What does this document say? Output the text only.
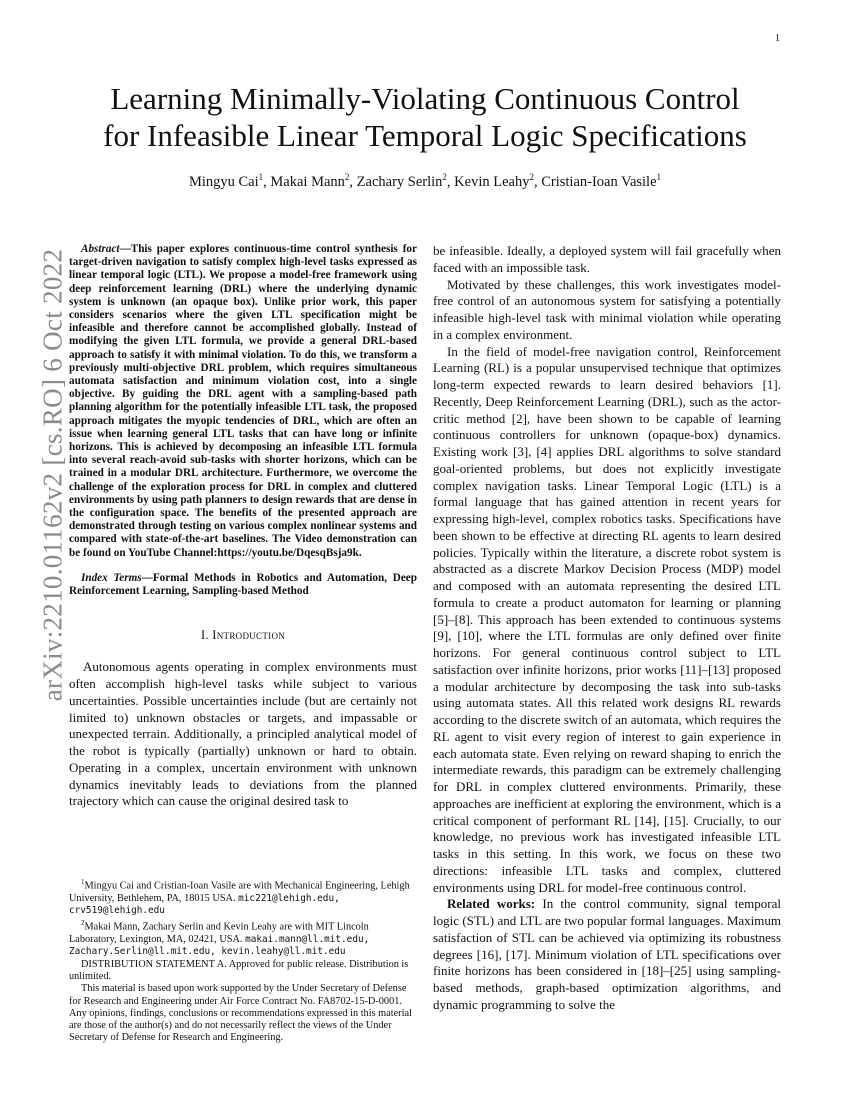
1
arXiv:2210.01162v2 [cs.RO] 6 Oct 2022
Learning Minimally-Violating Continuous Control
for Infeasible Linear Temporal Logic Specifications
Mingyu Cai$^1$, Makai Mann$^2$, Zachary Serlin$^2$, Kevin Leahy$^2$, Cristian-Ioan Vasile$^1$

Abstract—This paper explores continuous-time control synthesis for target-driven navigation to satisfy complex high-level tasks expressed as linear temporal logic (LTL). We propose a model-free framework using deep reinforcement learning (DRL) where the underlying dynamic system is unknown (an opaque box). Unlike prior work, this paper considers scenarios where the given LTL specification might be infeasible and therefore cannot be accomplished globally. Instead of modifying the given LTL formula, we provide a general DRL-based approach to satisfy it with minimal violation. To do this, we transform a previously multi-objective DRL problem, which requires simultaneous automata satisfaction and minimum violation cost, into a single objective. By guiding the DRL agent with a sampling-based path planning algorithm for the potentially infeasible LTL task, the proposed approach mitigates the myopic tendencies of DRL, which are often an issue when learning general LTL tasks that can have long or infinite horizons. This is achieved by decomposing an infeasible LTL formula into several reach-avoid sub-tasks with shorter horizons, which can be trained in a modular DRL architecture. Furthermore, we overcome the challenge of the exploration process for DRL in complex and cluttered environments by using path planners to design rewards that are dense in the configuration space. The benefits of the presented approach are demonstrated through testing on various complex nonlinear systems and compared with state-of-the-art baselines. The Video demonstration can be found on YouTube Channel:https://youtu.be/DqesqBsja9k.

Index Terms—Formal Methods in Robotics and Automation, Deep Reinforcement Learning, Sampling-based Method

I. Introduction

Autonomous agents operating in complex environments must often accomplish high-level tasks while subject to various uncertainties. Possible uncertainties include (but are certainly not limited to) unknown obstacles or targets, and impassable or unexpected terrain. Additionally, a principled analytical model of the robot is typically (partially) unknown or hard to obtain. Operating in a complex, uncertain environment with unknown dynamics inevitably leads to deviations from the planned trajectory which can cause the original desired task to

$^1$Mingyu Cai and Cristian-Ioan Vasile are with Mechanical Engineering, Lehigh University, Bethlehem, PA, 18015 USA. mic221@lehigh.edu, crv519@lehigh.edu

$^2$Makai Mann, Zachary Serlin and Kevin Leahy are with MIT Lincoln Laboratory, Lexington, MA, 02421, USA. makai.mann@ll.mit.edu, Zachary.Serlin@ll.mit.edu, kevin.leahy@ll.mit.edu

DISTRIBUTION STATEMENT A. Approved for public release. Distribution is unlimited.

This material is based upon work supported by the Under Secretary of Defense for Research and Engineering under Air Force Contract No. FA8702-15-D-0001. Any opinions, findings, conclusions or recommendations expressed in this material are those of the author(s) and do not necessarily reflect the views of the Under Secretary of Defense for Research and Engineering.

be infeasible. Ideally, a deployed system will fail gracefully when faced with an impossible task.

Motivated by these challenges, this work investigates model-free control of an autonomous system for satisfying a potentially infeasible high-level task with minimal violation while operating in a complex environment.

In the field of model-free navigation control, Reinforcement Learning (RL) is a popular unsupervised technique that optimizes long-term expected rewards to learn desired behaviors [1]. Recently, Deep Reinforcement Learning (DRL), such as the actor-critic method [2], have been shown to be capable of learning continuous controllers for unknown (opaque-box) dynamics. Existing work [3], [4] applies DRL algorithms to solve standard goal-oriented problems, but does not explicitly investigate complex navigation tasks. Linear Temporal Logic (LTL) is a formal language that has gained attention in recent years for expressing high-level, complex robotics tasks. Specifications have been shown to be effective at directing RL agents to learn desired policies. Typically within the literature, a discrete robot system is abstracted as a discrete Markov Decision Process (MDP) model and composed with an automata representing the desired LTL formula to create a product automaton for learning or planning [5]–[8]. This approach has been extended to continuous systems [9], [10], where the LTL formulas are only defined over finite horizons. For general continuous control subject to LTL satisfaction over infinite horizons, prior works [11]–[13] proposed a modular architecture by decomposing the task into sub-tasks using automata states. All this related work designs RL rewards according to the discrete switch of an automata, which requires the RL agent to visit every region of interest to gain experience in each automata state. Even relying on reward shaping to enrich the intermediate rewards, this paradigm can be extremely challenging for DRL in complex cluttered environments. Primarily, these approaches are inefficient at exploring the environment, which is a critical component of performant RL [14], [15]. Crucially, to our knowledge, no previous work has investigated infeasible LTL tasks in this setting. In this work, we focus on these two directions: infeasible LTL tasks and complex, cluttered environments using DRL for model-free continuous control.

Related works: In the control community, signal temporal logic (STL) and LTL are two popular formal languages. Maximum satisfaction of STL can be achieved via optimizing its robustness degrees [16], [17]. Minimum violation of LTL specifications over finite horizons has been considered in [18]–[25] using sampling-based methods, graph-based optimization algorithms, and dynamic programming to solve the
